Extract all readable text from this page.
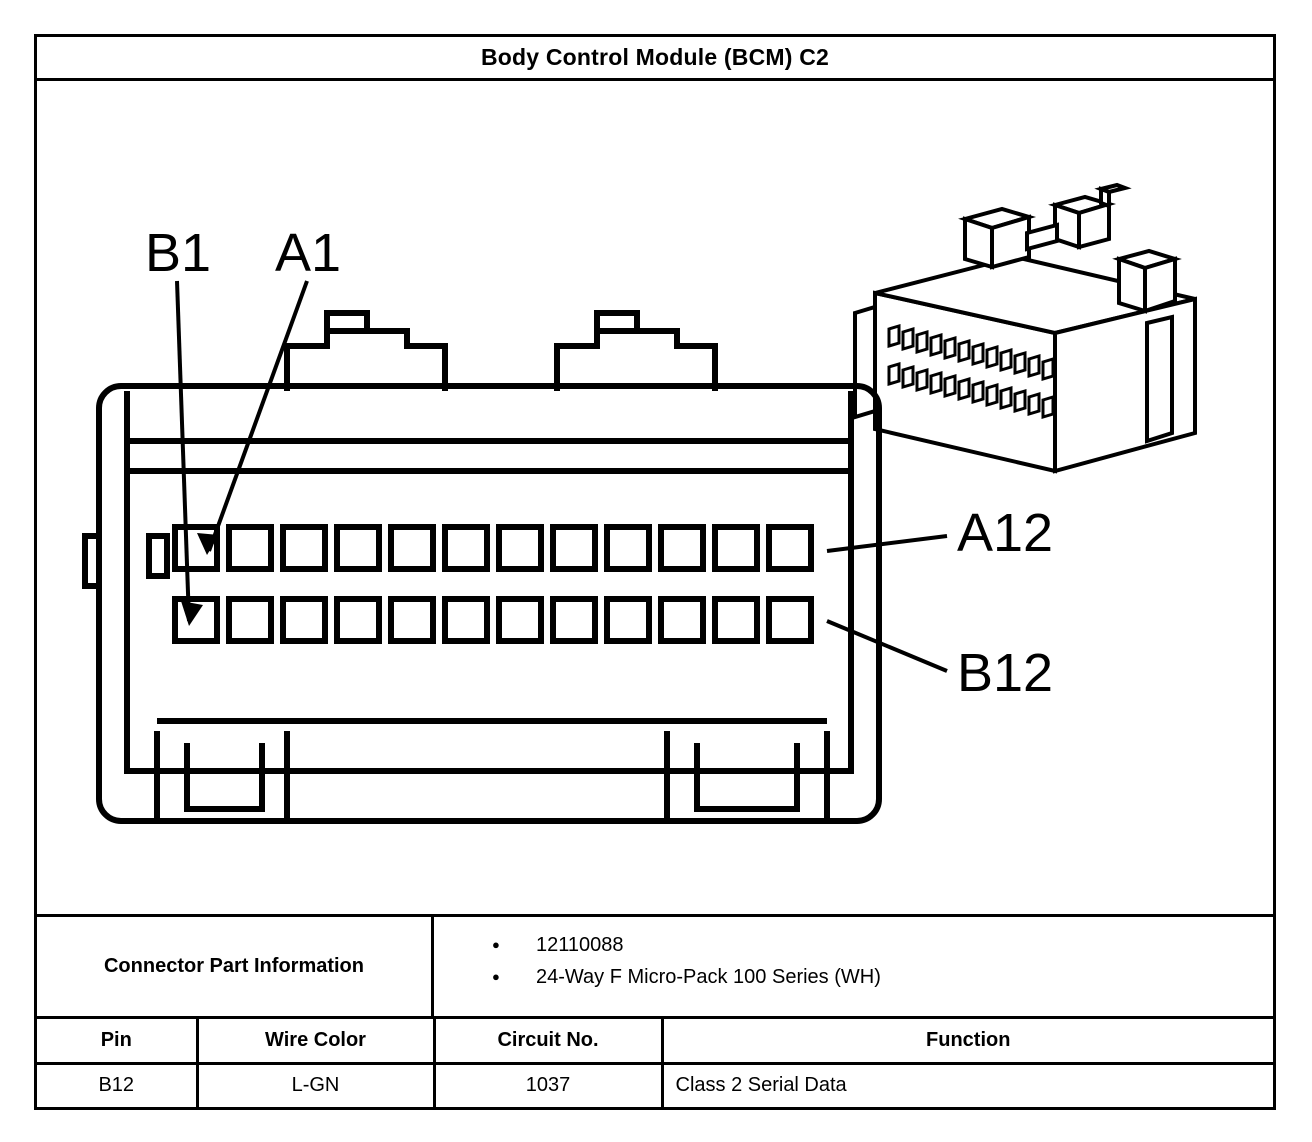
Body Control Module (BCM) C2
B1 A1
A12
B12
Connector Part Information
● 12110088
● 24-Way F Micro-Pack 100 Series (WH)
Pin	Wire Color	Circuit No.	Function
B12	L-GN	1037	Class 2 Serial Data
